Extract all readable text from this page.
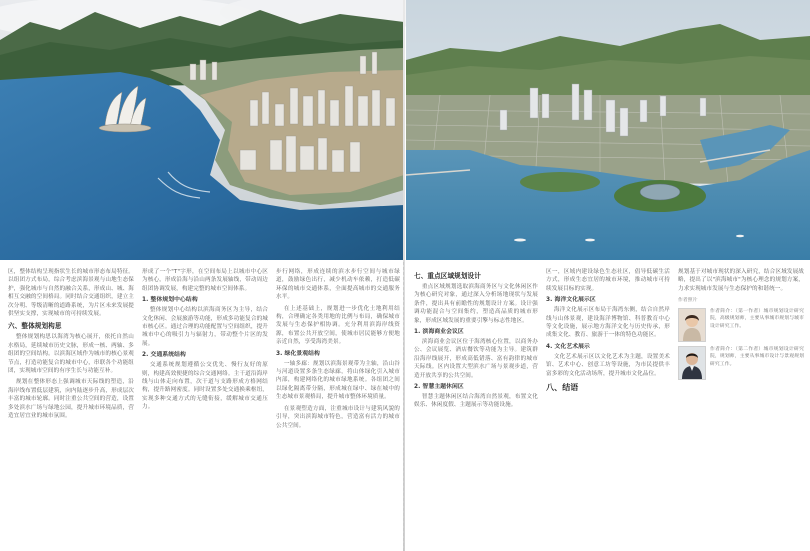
区，整体结构呈现指状生长的城市形态布局特征。以组团方式布局，综合考虑滨海景观与山地生态保护，强化城市与自然的融合关系，形成山、城、海相互交融的空间格局。同时结合交通组织，建立主次分明、等级清晰的道路系统，为片区未来发展提供坚实支撑，实现城市的可持续发展。

六、整体规划构思

整体规划构思以海湾为核心展开，依托自然山水格局，延续城市历史文脉，形成一核、两轴、多组团的空间结构。以滨海区域作为城市的核心景观节点，打造功能复合的城市中心，串联各个功能组团，实现城市空间的有序生长与功能互补。

规划在整体形态上强调城市天际线的塑造，沿海岸线布置低层建筑，向内陆逐步升高，形成层次丰富的城市轮廓。同时注重公共空间的营造，设置多处滨水广场与绿地公园，提升城市环境品质，营造宜居宜业的城市氛围。

形成了一个"T"字形，在空间布局上以城市中心区为核心，形成沿海与沿山两条发展轴线，带动周边组团协调发展，构建完整的城市空间体系。

1. 整体规划中心结构

整体规划中心结构以滨海商务区为主导，结合文化休闲、会展旅游等功能，形成多功能复合的城市核心区。通过合理的功能配置与空间组织，提升城市中心的吸引力与辐射力，带动整个片区的发展。

2. 交通系统结构

交通系统规划遵循公交优先、慢行友好的原则，构建高效便捷的综合交通网络。主干道沿海岸线与山体走向布置，次干道与支路形成方格网结构，提升路网密度。同时设置多处交通换乘枢纽，实现多种交通方式的无缝衔接，缓解城市交通压力。

步行网络，形成连续的滨水步行空间与城市绿道，鼓励绿色出行，减少机动车依赖，打造低碳环保的城市交通体系，全面提高城市的交通服务水平。

在上述基础上，规划进一步优化土地利用结构，合理确定各类用地的比例与布局，确保城市发展与生态保护相协调。充分利用滨海岸线资源，布置公共开放空间，使城市居民能够方便地亲近自然，享受海湾美景。

3. 绿化景观结构

一轴多廊：规划以滨海景观带为主轴，沿山谷与河道设置多条生态绿廊，将山体绿化引入城市内部，构建网络化的城市绿地系统。各组团之间以绿化隔离带分隔，形成城在绿中、绿在城中的生态城市景观格局，提升城市整体环境质量。

在景观塑造方面，注重城市设计与建筑风貌的引导，突出滨海城市特色，营造富有活力的城市公共空间。

七、重点区域规划设计

重点区域规划选取滨海商务区与文化休闲区作为核心研究对象，通过深入分析场地现状与发展条件，提出具有前瞻性的规划设计方案。设计强调功能混合与空间集约，塑造高品质的城市形象，形成区域发展的重要引擎与标志性地区。

1. 滨海商业会议区

滨海商业会议区位于海湾核心位置，以商务办公、会议展览、酒店餐饮等功能为主导。建筑群沿海岸线展开，形成高低错落、富有韵律的城市天际线。区内设置大型滨水广场与景观步道，营造开放共享的公共空间。

2. 智慧主题休闲区

智慧主题休闲区结合海湾自然景观，布置文化娱乐、休闲度假、主题展示等功能设施。

区一，区域内建设绿色生态社区，倡导低碳生活方式，形成生态宜居的城市环境，推动城市可持续发展目标的实现。

3. 海洋文化展示区

海洋文化展示区布局于海湾东侧，结合自然岸线与山体景观，建设海洋博物馆、科普教育中心等文化设施，展示地方海洋文化与历史传承，形成集文化、教育、旅游于一体的特色功能区。

4. 文化艺术展示

文化艺术展示区以文化艺术为主题，设置美术馆、艺术中心、创意工坊等设施，为市民提供丰富多彩的文化活动场所，提升城市文化品位。

八、结语

规划基于对城市现状的深入研究，结合区域发展战略，提出了以"滨海城市"为核心理念的规划方案，力求实现城市发展与生态保护的和谐统一。

作者照片
作者简介：（第一作者）城市规划设计研究院，高级规划师，主要从事城市规划与城市设计研究工作。
作者简介：（第二作者）城市规划设计研究院，规划师，主要从事城市设计与景观规划研究工作。
